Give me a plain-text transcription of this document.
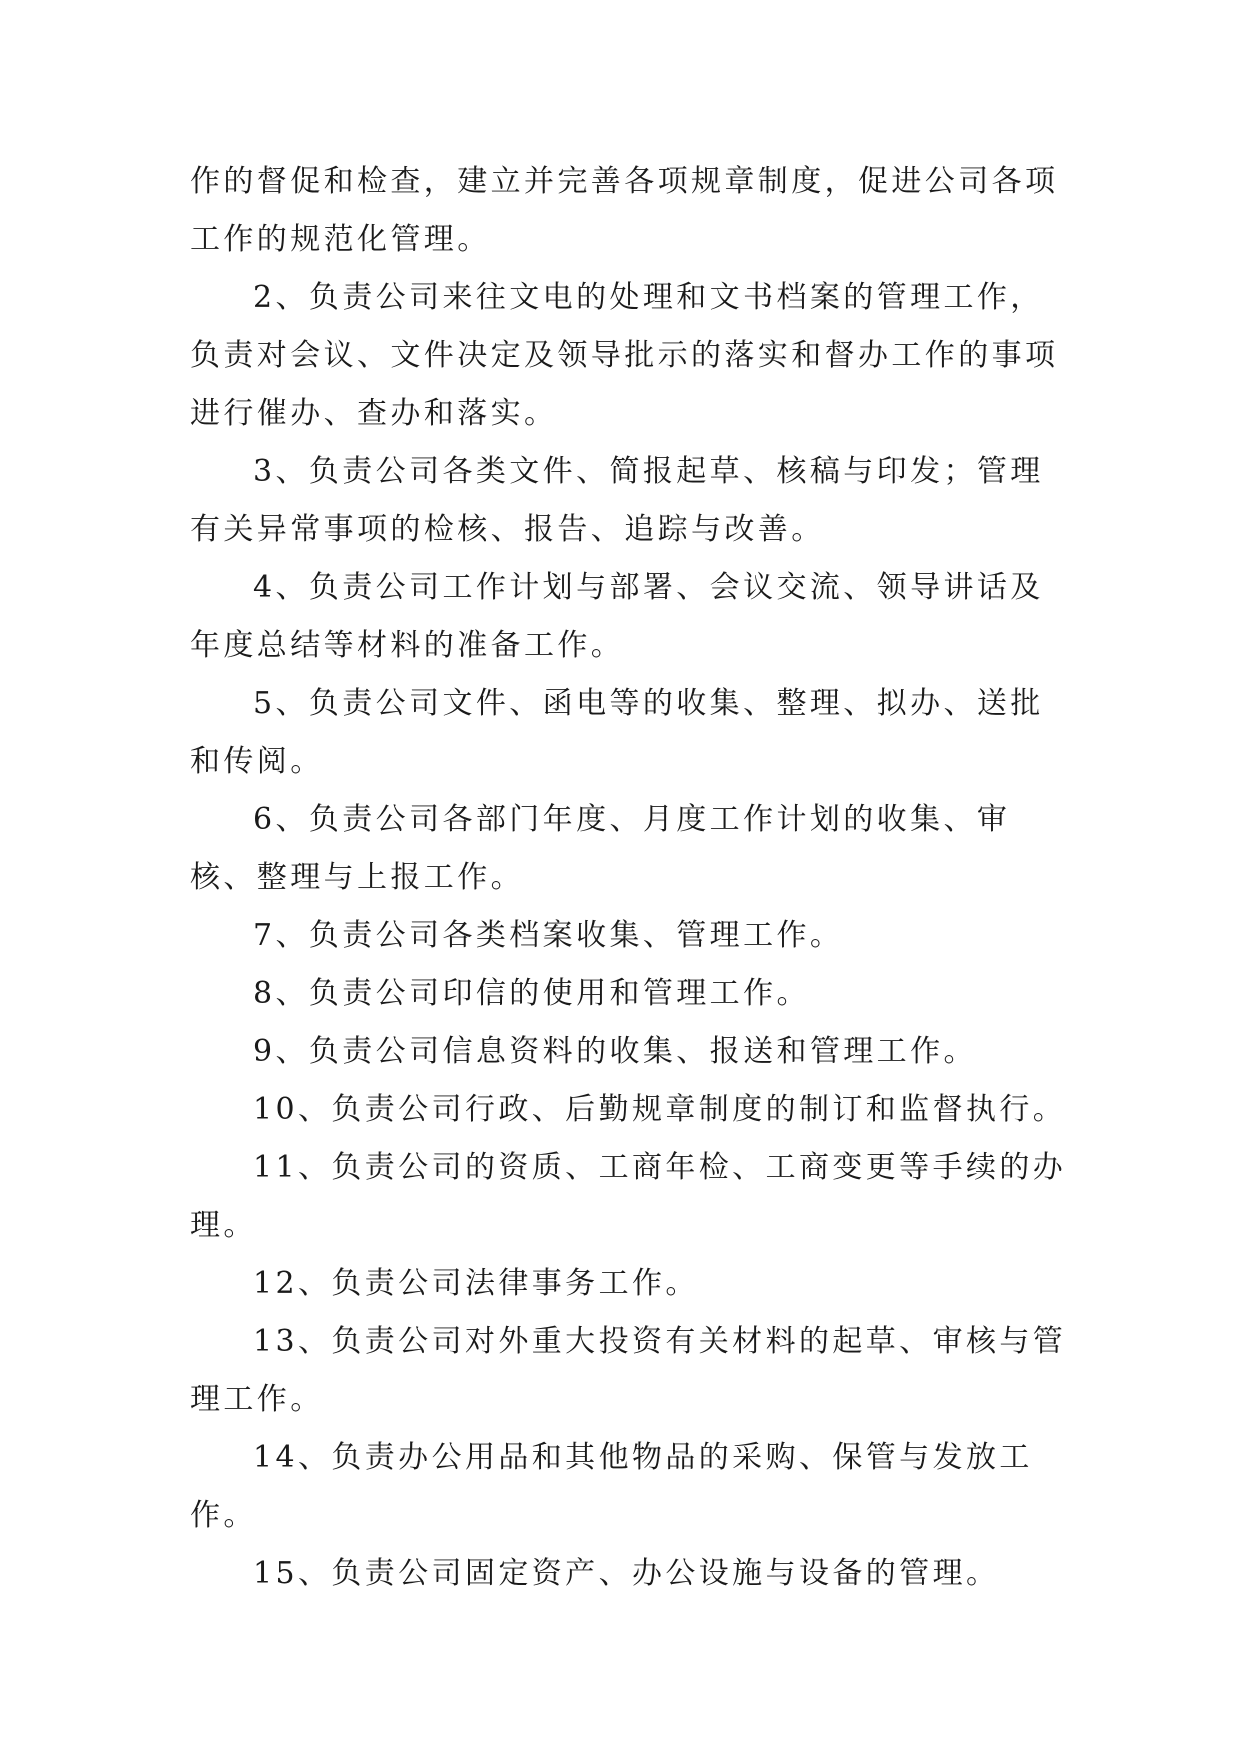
作的督促和检查，建立并完善各项规章制度，促进公司各项工作的规范化管理。

2、负责公司来往文电的处理和文书档案的管理工作，负责对会议、文件决定及领导批示的落实和督办工作的事项进行催办、查办和落实。

3、负责公司各类文件、简报起草、核稿与印发；管理有关异常事项的检核、报告、追踪与改善。

4、负责公司工作计划与部署、会议交流、领导讲话及年度总结等材料的准备工作。

5、负责公司文件、函电等的收集、整理、拟办、送批和传阅。

6、负责公司各部门年度、月度工作计划的收集、审核、整理与上报工作。

7、负责公司各类档案收集、管理工作。

8、负责公司印信的使用和管理工作。

9、负责公司信息资料的收集、报送和管理工作。

10、负责公司行政、后勤规章制度的制订和监督执行。

11、负责公司的资质、工商年检、工商变更等手续的办理。

12、负责公司法律事务工作。

13、负责公司对外重大投资有关材料的起草、审核与管理工作。

14、负责办公用品和其他物品的采购、保管与发放工作。

15、负责公司固定资产、办公设施与设备的管理。
